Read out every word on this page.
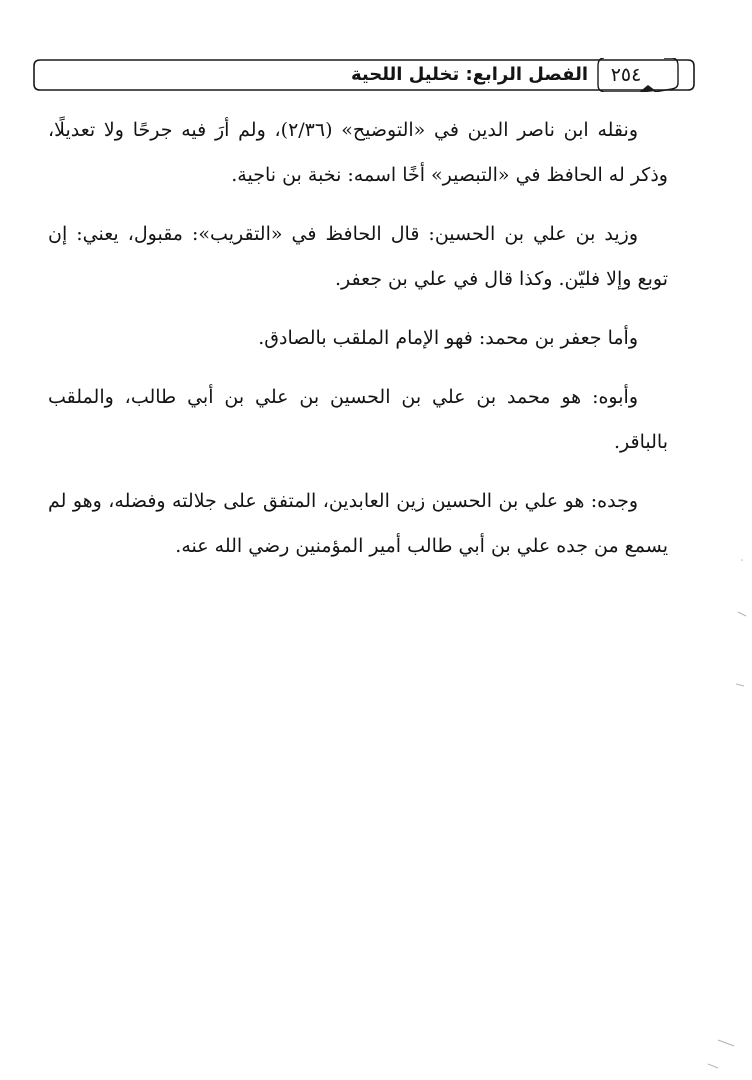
الفصل الرابع: تخليل اللحية	٢٥٤

ونقله ابن ناصر الدين في «التوضيح» (٢/٣٦)، ولم أرَ فيه جرحًا ولا تعديلًا، وذكر له الحافظ في «التبصير» أخًا اسمه: نخبة بن ناجية.

وزيد بن علي بن الحسين: قال الحافظ في «التقريب»: مقبول، يعني: إن توبع وإلا فليّن. وكذا قال في علي بن جعفر.

وأما جعفر بن محمد: فهو الإمام الملقب بالصادق.

وأبوه: هو محمد بن علي بن الحسين بن علي بن أبي طالب، والملقب بالباقر.

وجده: هو علي بن الحسين زين العابدين، المتفق على جلالته وفضله، وهو لم يسمع من جده علي بن أبي طالب أمير المؤمنين رضي الله عنه.
